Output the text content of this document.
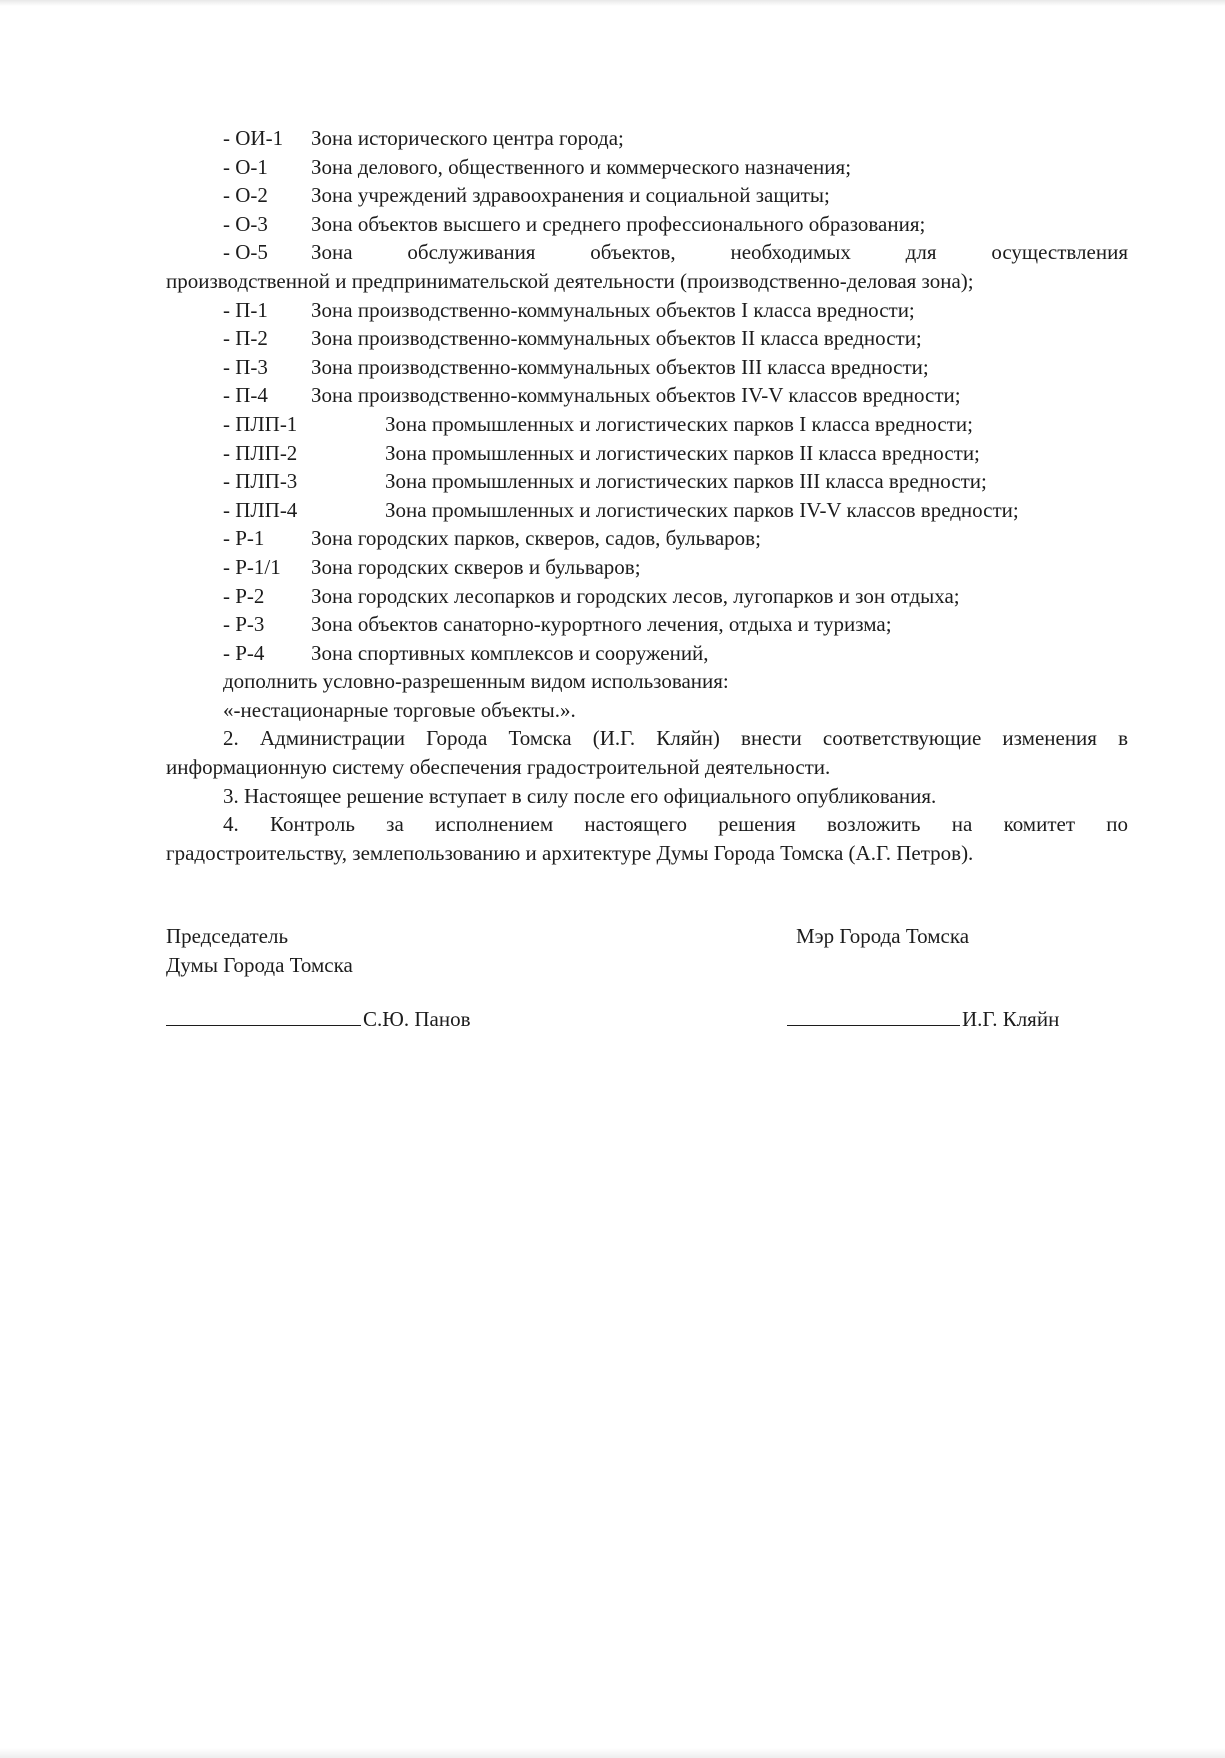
- ОИ-1 Зона исторического центра города;
- О-1 Зона делового, общественного и коммерческого назначения;
- О-2 Зона учреждений здравоохранения и социальной защиты;
- О-3 Зона объектов высшего и среднего профессионального образования;
- О-5 Зона обслуживания объектов, необходимых для осуществления
производственной и предпринимательской деятельности (производственно-деловая зона);
- П-1 Зона производственно-коммунальных объектов I класса вредности;
- П-2 Зона производственно-коммунальных объектов II класса вредности;
- П-3 Зона производственно-коммунальных объектов III класса вредности;
- П-4 Зона производственно-коммунальных объектов IV-V классов вредности;
- ПЛП-1	Зона промышленных и логистических парков I класса вредности;
- ПЛП-2	Зона промышленных и логистических парков II класса вредности;
- ПЛП-3	Зона промышленных и логистических парков III класса вредности;
- ПЛП-4	Зона промышленных и логистических парков IV-V классов вредности;
- Р-1 Зона городских парков, скверов, садов, бульваров;
- Р-1/1 Зона городских скверов и бульваров;
- Р-2 Зона городских лесопарков и городских лесов, лугопарков и зон отдыха;
- Р-3 Зона объектов санаторно-курортного лечения, отдыха и туризма;
- Р-4 Зона спортивных комплексов и сооружений,
дополнить условно-разрешенным видом использования:
«-нестационарные торговые объекты.».
2. Администрации Города Томска (И.Г. Кляйн) внести соответствующие изменения в
информационную систему обеспечения градостроительной деятельности.
3. Настоящее решение вступает в силу после его официального опубликования.
4. Контроль за исполнением настоящего решения возложить на комитет по
градостроительству, землепользованию и архитектуре Думы Города Томска (А.Г. Петров).
Председатель
Думы Города Томска
Мэр Города Томска
С.Ю. Панов	И.Г. Кляйн
